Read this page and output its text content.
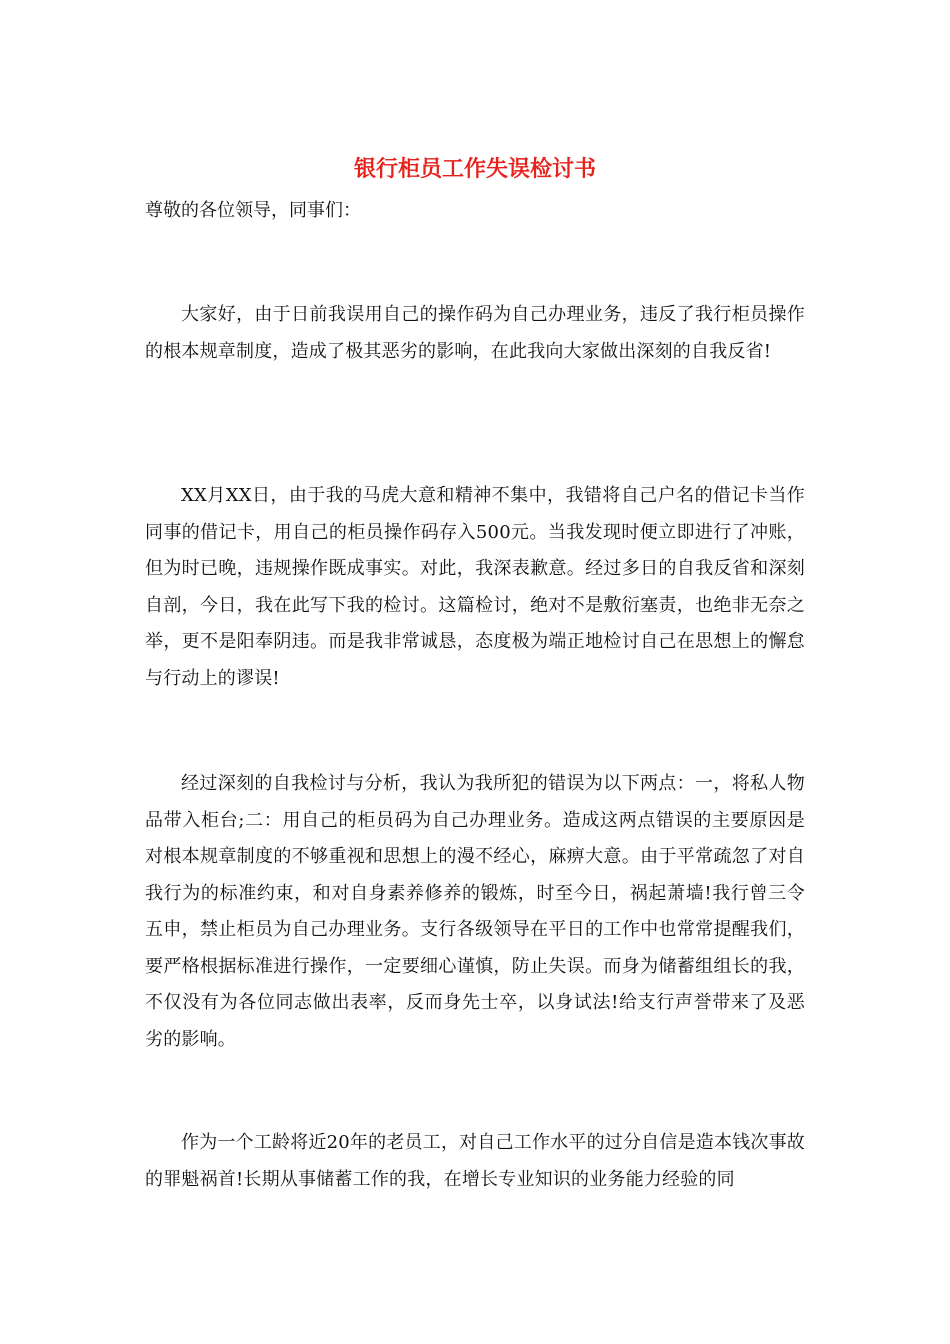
银行柜员工作失误检讨书

尊敬的各位领导，同事们：

大家好，由于日前我误用自己的操作码为自己办理业务，违反了我行柜员操作的根本规章制度，造成了极其恶劣的影响，在此我向大家做出深刻的自我反省!

XX月XX日，由于我的马虎大意和精神不集中，我错将自己户名的借记卡当作同事的借记卡，用自己的柜员操作码存入500元。当我发现时便立即进行了冲账，但为时已晚，违规操作既成事实。对此，我深表歉意。经过多日的自我反省和深刻自剖，今日，我在此写下我的检讨。这篇检讨，绝对不是敷衍塞责，也绝非无奈之举，更不是阳奉阴违。而是我非常诚恳，态度极为端正地检讨自己在思想上的懈怠与行动上的谬误!

经过深刻的自我检讨与分析，我认为我所犯的错误为以下两点：一，将私人物品带入柜台;二：用自己的柜员码为自己办理业务。造成这两点错误的主要原因是对根本规章制度的不够重视和思想上的漫不经心，麻痹大意。由于平常疏忽了对自我行为的标准约束，和对自身素养修养的锻炼，时至今日，祸起萧墙!我行曾三令五申，禁止柜员为自己办理业务。支行各级领导在平日的工作中也常常提醒我们，要严格根据标准进行操作，一定要细心谨慎，防止失误。而身为储蓄组组长的我，不仅没有为各位同志做出表率，反而身先士卒，以身试法!给支行声誉带来了及恶劣的影响。

作为一个工龄将近20年的老员工，对自己工作水平的过分自信是造本钱次事故的罪魁祸首!长期从事储蓄工作的我，在增长专业知识的业务能力经验的同
